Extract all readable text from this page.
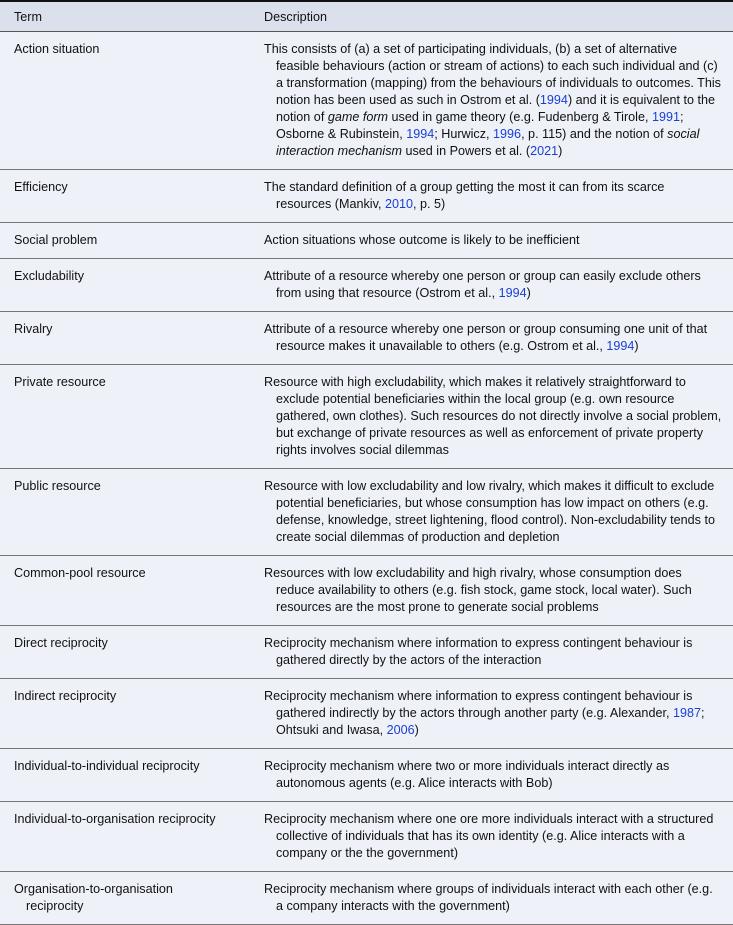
Term	Description

Action situation	This consists of (a) a set of participating individuals, (b) a set of alternative feasible behaviours (action or stream of actions) to each such individual and (c) a transformation (mapping) from the behaviours of individuals to outcomes. This notion has been used as such in Ostrom et al. (1994) and it is equivalent to the notion of game form used in game theory (e.g. Fudenberg & Tirole, 1991; Osborne & Rubinstein, 1994; Hurwicz, 1996, p. 115) and the notion of social interaction mechanism used in Powers et al. (2021)

Efficiency	The standard definition of a group getting the most it can from its scarce resources (Mankiv, 2010, p. 5)

Social problem	Action situations whose outcome is likely to be inefficient

Excludability	Attribute of a resource whereby one person or group can easily exclude others from using that resource (Ostrom et al., 1994)

Rivalry	Attribute of a resource whereby one person or group consuming one unit of that resource makes it unavailable to others (e.g. Ostrom et al., 1994)

Private resource	Resource with high excludability, which makes it relatively straightforward to exclude potential beneficiaries within the local group (e.g. own resource gathered, own clothes). Such resources do not directly involve a social problem, but exchange of private resources as well as enforcement of private property rights involves social dilemmas

Public resource	Resource with low excludability and low rivalry, which makes it difficult to exclude potential beneficiaries, but whose consumption has low impact on others (e.g. defense, knowledge, street lightening, flood control). Non-excludability tends to create social dilemmas of production and depletion

Common-pool resource	Resources with low excludability and high rivalry, whose consumption does reduce availability to others (e.g. fish stock, game stock, local water). Such resources are the most prone to generate social problems

Direct reciprocity	Reciprocity mechanism where information to express contingent behaviour is gathered directly by the actors of the interaction

Indirect reciprocity	Reciprocity mechanism where information to express contingent behaviour is gathered indirectly by the actors through another party (e.g. Alexander, 1987; Ohtsuki and Iwasa, 2006)

Individual-to-individual reciprocity	Reciprocity mechanism where two or more individuals interact directly as autonomous agents (e.g. Alice interacts with Bob)

Individual-to-organisation reciprocity	Reciprocity mechanism where one ore more individuals interact with a structured collective of individuals that has its own identity (e.g. Alice interacts with a company or the the government)

Organisation-to-organisation reciprocity	Reciprocity mechanism where groups of individuals interact with each other (e.g. a company interacts with the government)
